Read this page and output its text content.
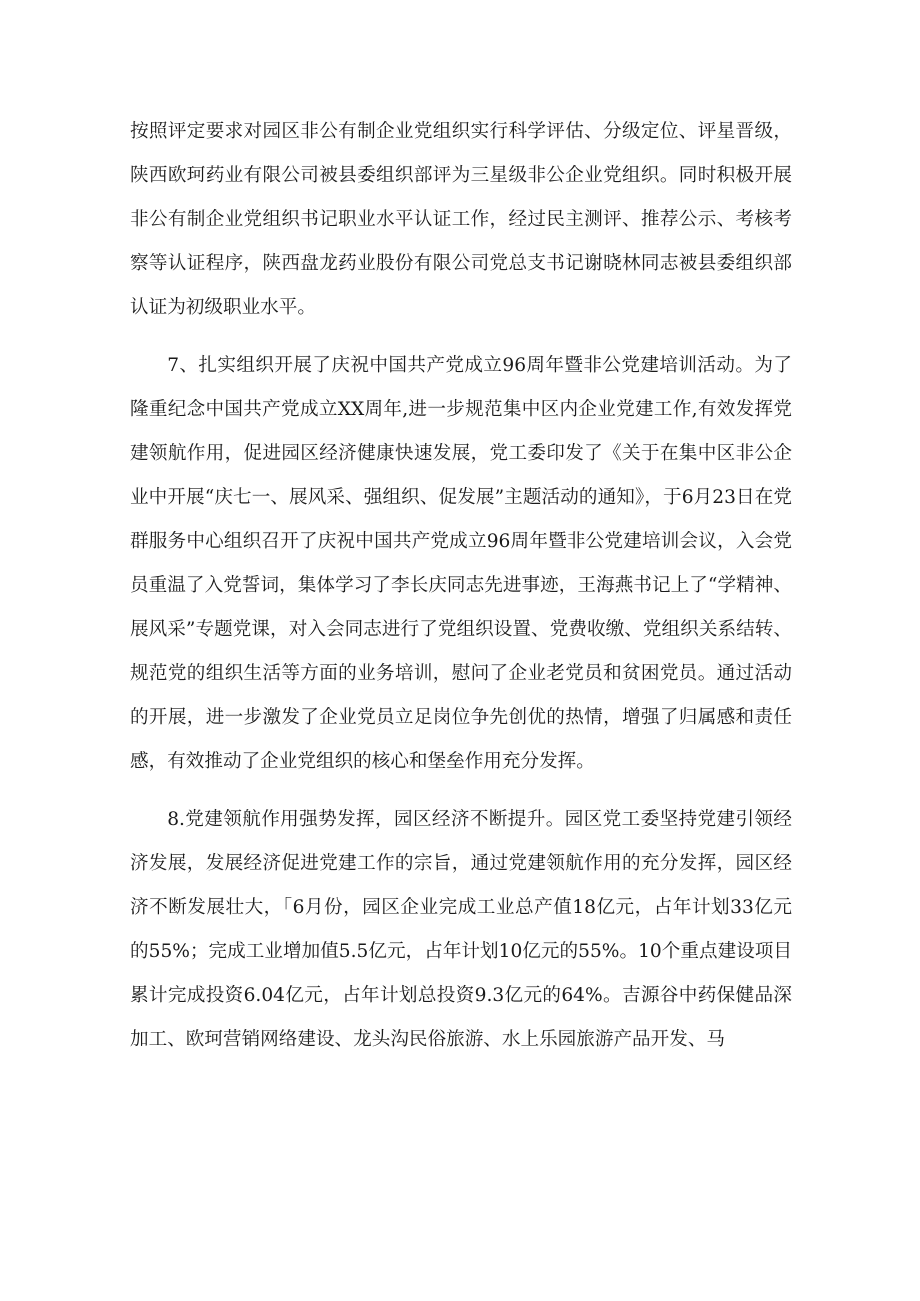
按照评定要求对园区非公有制企业党组织实行科学评估、分级定位、评星晋级，陕西欧珂药业有限公司被县委组织部评为三星级非公企业党组织。同时积极开展非公有制企业党组织书记职业水平认证工作，经过民主测评、推荐公示、考核考察等认证程序，陕西盘龙药业股份有限公司党总支书记谢晓林同志被县委组织部认证为初级职业水平。

7、扎实组织开展了庆祝中国共产党成立96周年暨非公党建培训活动。为了隆重纪念中国共产党成立XX周年,进一步规范集中区内企业党建工作,有效发挥党建领航作用，促进园区经济健康快速发展，党工委印发了《关于在集中区非公企业中开展“庆七一、展风采、强组织、促发展”主题活动的通知》，于6月23日在党群服务中心组织召开了庆祝中国共产党成立96周年暨非公党建培训会议，入会党员重温了入党誓词，集体学习了李长庆同志先进事迹，王海燕书记上了“学精神、展风采”专题党课，对入会同志进行了党组织设置、党费收缴、党组织关系结转、规范党的组织生活等方面的业务培训，慰问了企业老党员和贫困党员。通过活动的开展，进一步激发了企业党员立足岗位争先创优的热情，增强了归属感和责任感，有效推动了企业党组织的核心和堡垒作用充分发挥。

8.党建领航作用强势发挥，园区经济不断提升。园区党工委坚持党建引领经济发展，发展经济促进党建工作的宗旨，通过党建领航作用的充分发挥，园区经济不断发展壮大，「6月份，园区企业完成工业总产值18亿元，占年计划33亿元的55%；完成工业增加值5.5亿元，占年计划10亿元的55%。10个重点建设项目累计完成投资6.04亿元，占年计划总投资9.3亿元的64%。吉源谷中药保健品深加工、欧珂营销网络建设、龙头沟民俗旅游、水上乐园旅游产品开发、马
